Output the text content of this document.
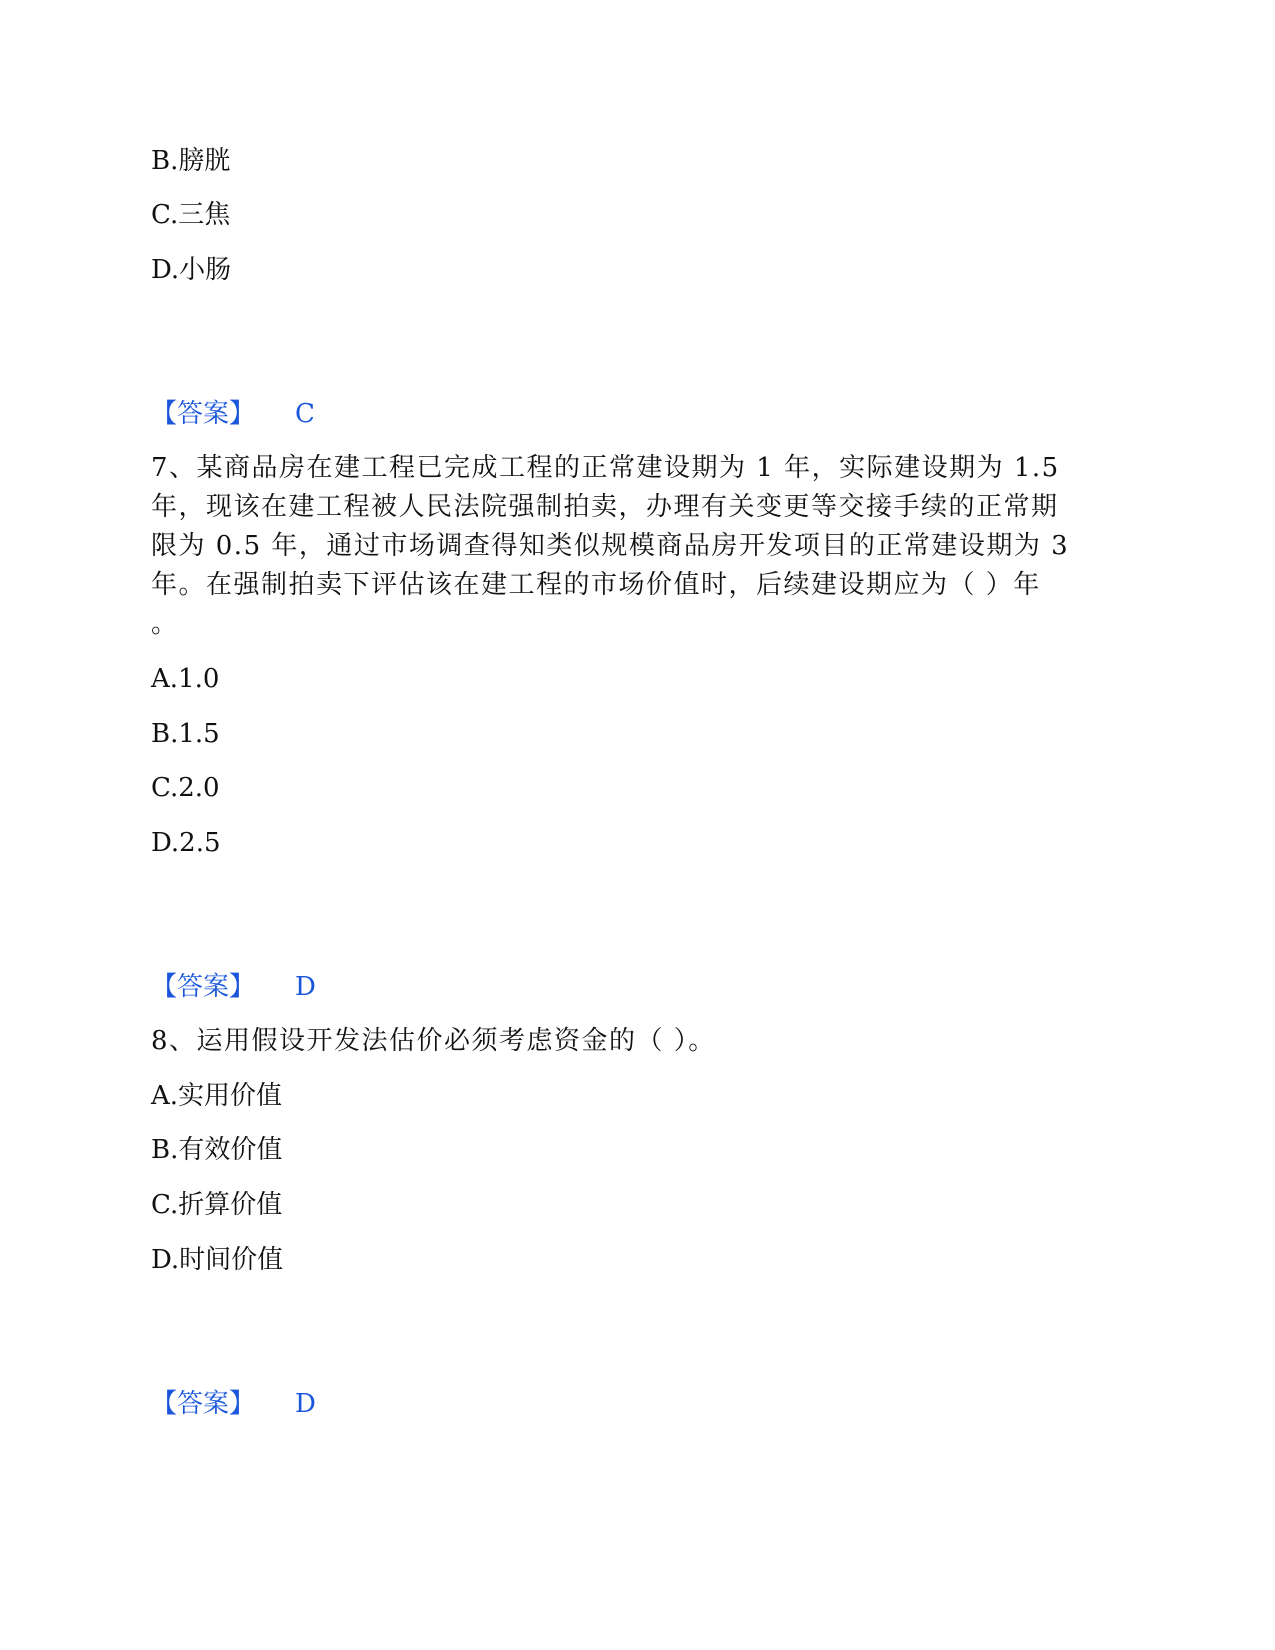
B.膀胱
C.三焦
D.小肠
【答案】 C
7、某商品房在建工程已完成工程的正常建设期为 1 年，实际建设期为 1.5
年，现该在建工程被人民法院强制拍卖，办理有关变更等交接手续的正常期
限为 0.5 年，通过市场调查得知类似规模商品房开发项目的正常建设期为 3
年。在强制拍卖下评估该在建工程的市场价值时，后续建设期应为（ ）年
。
A.1.0
B.1.5
C.2.0
D.2.5
【答案】 D
8、运用假设开发法估价必须考虑资金的（ ）。
A.实用价值
B.有效价值
C.折算价值
D.时间价值
【答案】 D
